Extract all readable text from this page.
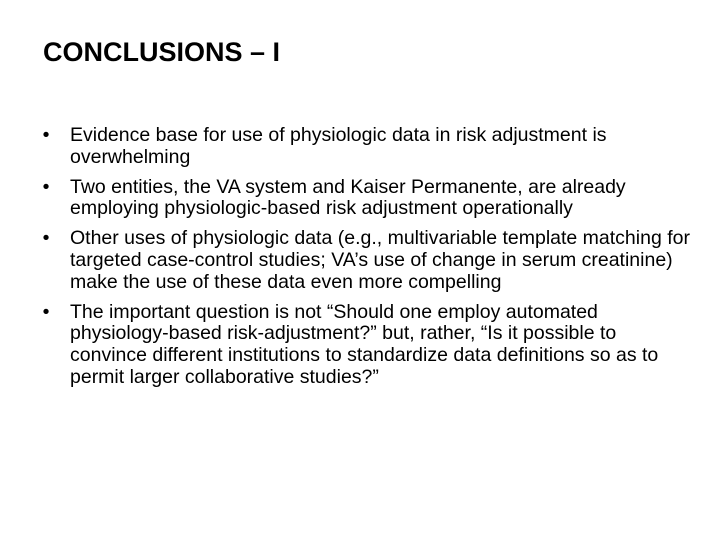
CONCLUSIONS – I
•	Evidence base for use of physiologic data in risk adjustment is overwhelming
•	Two entities, the VA system and Kaiser Permanente, are already employing physiologic-based risk adjustment operationally
•	Other uses of physiologic data (e.g., multivariable template matching for targeted case-control studies; VA’s use of change in serum creatinine) make the use of these data even more compelling
•	The important question is not “Should one employ automated physiology-based risk-adjustment?” but, rather, “Is it possible to convince different institutions to standardize data definitions so as to permit larger collaborative studies?”
